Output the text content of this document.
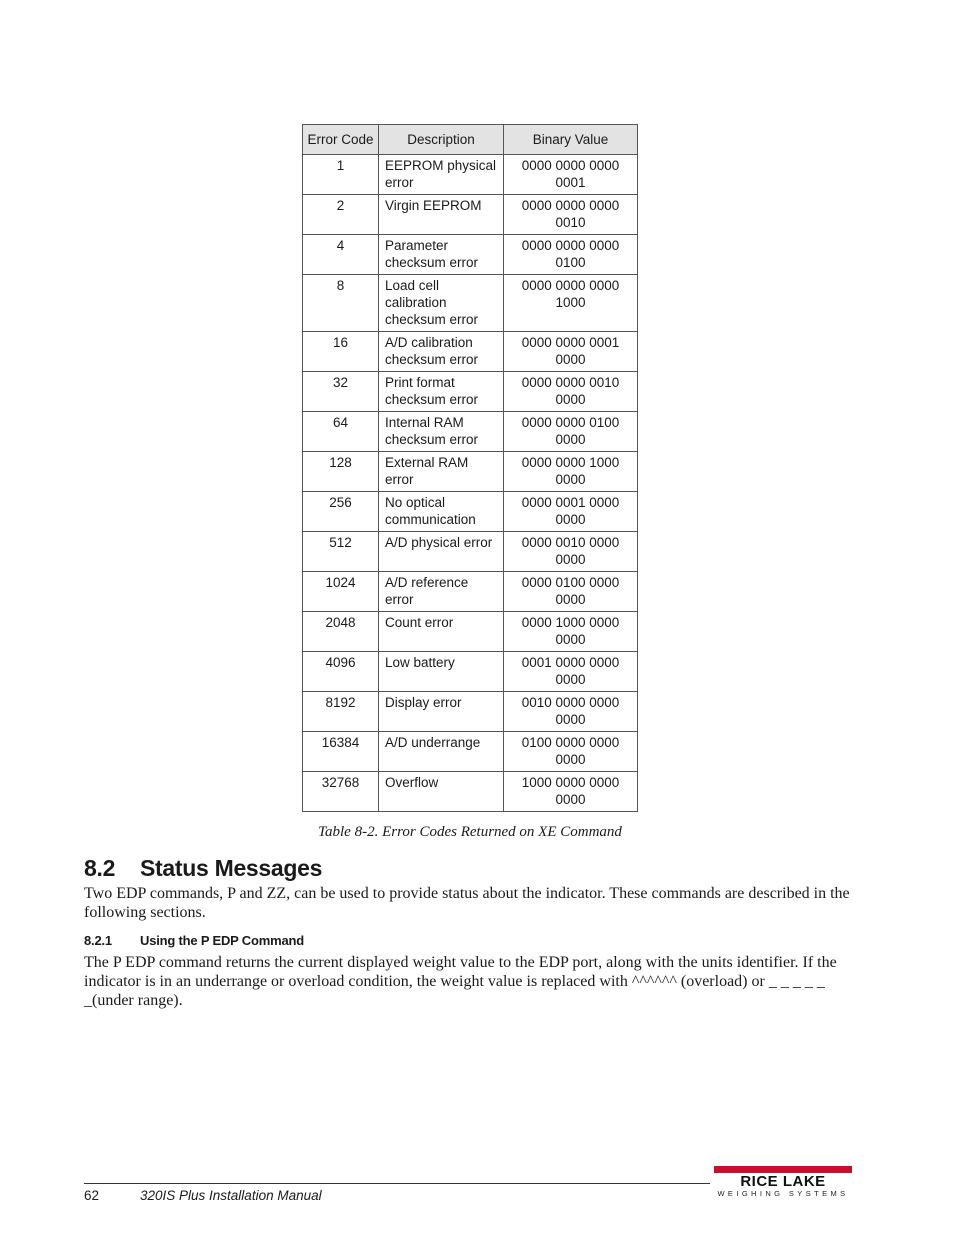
Error Code	Description	Binary Value
1	EEPROM physical error	0000 0000 0000 0001
2	Virgin EEPROM	0000 0000 0000 0010
4	Parameter checksum error	0000 0000 0000 0100
8	Load cell calibration checksum error	0000 0000 0000 1000
16	A/D calibration checksum error	0000 0000 0001 0000
32	Print format checksum error	0000 0000 0010 0000
64	Internal RAM checksum error	0000 0000 0100 0000
128	External RAM error	0000 0000 1000 0000
256	No optical communication	0000 0001 0000 0000
512	A/D physical error	0000 0010 0000 0000
1024	A/D reference error	0000 0100 0000 0000
2048	Count error	0000 1000 0000 0000
4096	Low battery	0001 0000 0000 0000
8192	Display error	0010 0000 0000 0000
16384	A/D underrange	0100 0000 0000 0000
32768	Overflow	1000 0000 0000 0000
Table 8-2. Error Codes Returned on XE Command
8.2 Status Messages

Two EDP commands, P and ZZ, can be used to provide status about the indicator. These commands are described in the following sections.

8.2.1 Using the P EDP Command

The P EDP command returns the current displayed weight value to the EDP port, along with the units identifier. If the indicator is in an underrange or overload condition, the weight value is replaced with ^^^^^^ (overload) or _ _ _ _ _ _(under range).

62	320IS Plus Installation Manual
RICE LAKE
WEIGHING SYSTEMS
